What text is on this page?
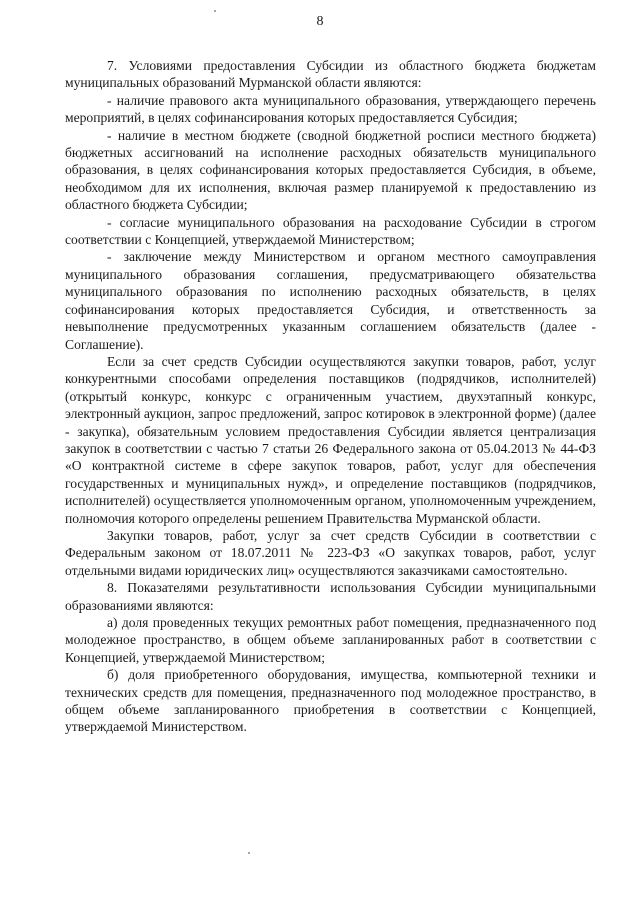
8

7. Условиями предоставления Субсидии из областного бюджета бюджетам муниципальных образований Мурманской области являются:

- наличие правового акта муниципального образования, утверждающего перечень мероприятий, в целях софинансирования которых предоставляется Субсидия;

- наличие в местном бюджете (сводной бюджетной росписи местного бюджета) бюджетных ассигнований на исполнение расходных обязательств муниципального образования, в целях софинансирования которых предоставляется Субсидия, в объеме, необходимом для их исполнения, включая размер планируемой к предоставлению из областного бюджета Субсидии;

- согласие муниципального образования на расходование Субсидии в строгом соответствии с Концепцией, утверждаемой Министерством;

- заключение между Министерством и органом местного самоуправления муниципального образования соглашения, предусматривающего обязательства муниципального образования по исполнению расходных обязательств, в целях софинансирования которых предоставляется Субсидия, и ответственность за невыполнение предусмотренных указанным соглашением обязательств (далее - Соглашение).

Если за счет средств Субсидии осуществляются закупки товаров, работ, услуг конкурентными способами определения поставщиков (подрядчиков, исполнителей) (открытый конкурс, конкурс с ограниченным участием, двухэтапный конкурс, электронный аукцион, запрос предложений, запрос котировок в электронной форме) (далее - закупка), обязательным условием предоставления Субсидии является централизация закупок в соответствии с частью 7 статьи 26 Федерального закона от 05.04.2013 № 44-ФЗ «О контрактной системе в сфере закупок товаров, работ, услуг для обеспечения государственных и муниципальных нужд», и определение поставщиков (подрядчиков, исполнителей) осуществляется уполномоченным органом, уполномоченным учреждением, полномочия которого определены решением Правительства Мурманской области.

Закупки товаров, работ, услуг за счет средств Субсидии в соответствии с Федеральным законом от 18.07.2011 № 223-ФЗ «О закупках товаров, работ, услуг отдельными видами юридических лиц» осуществляются заказчиками самостоятельно.

8. Показателями результативности использования Субсидии муниципальными образованиями являются:

а) доля проведенных текущих ремонтных работ помещения, предназначенного под молодежное пространство, в общем объеме запланированных работ в соответствии с Концепцией, утверждаемой Министерством;

б) доля приобретенного оборудования, имущества, компьютерной техники и технических средств для помещения, предназначенного под молодежное пространство, в общем объеме запланированного приобретения в соответствии с Концепцией, утверждаемой Министерством.
